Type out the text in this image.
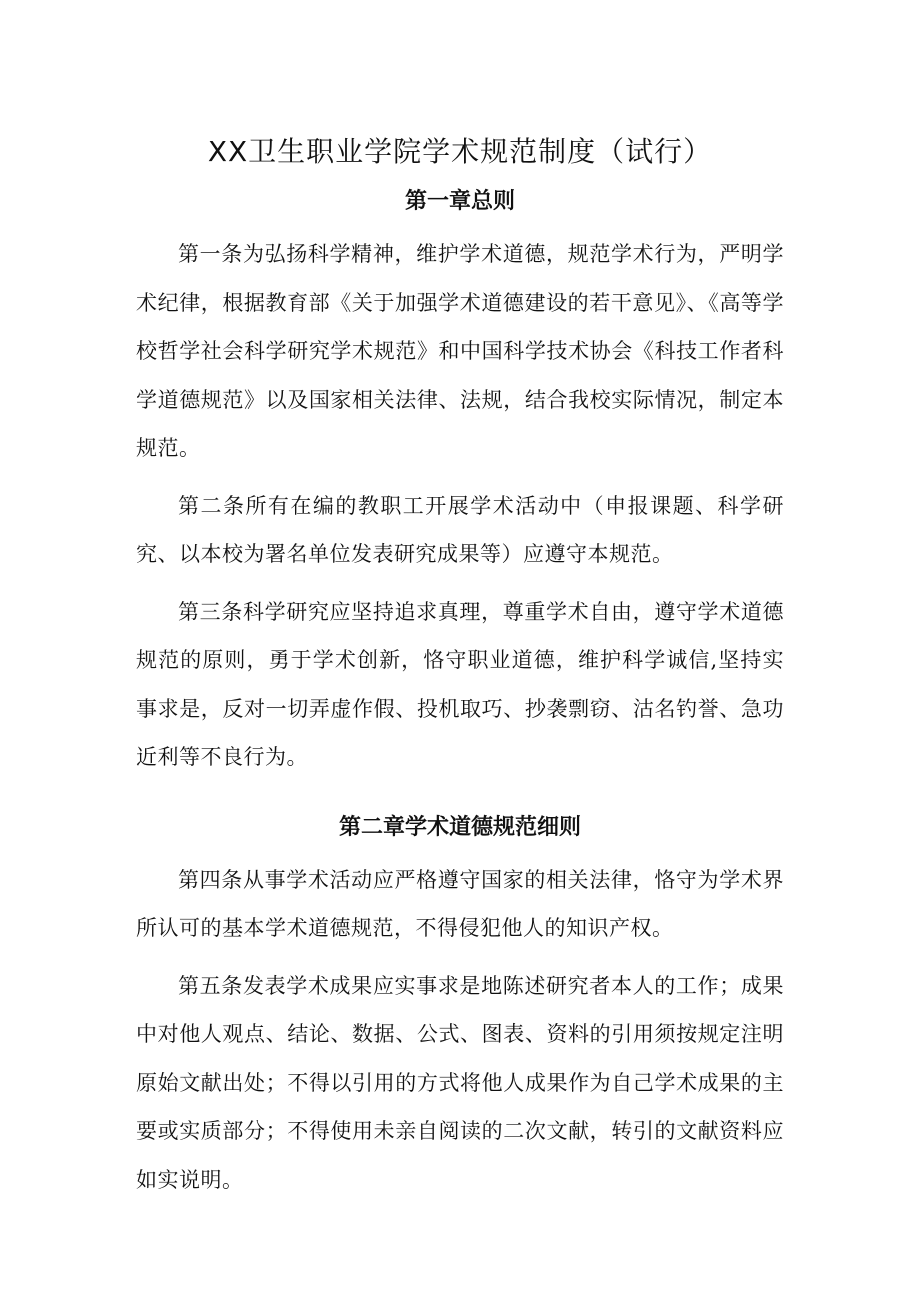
XX卫生职业学院学术规范制度（试行）
第一章总则

第一条为弘扬科学精神，维护学术道德，规范学术行为，严明学术纪律，根据教育部《关于加强学术道德建设的若干意见》、《高等学校哲学社会科学研究学术规范》和中国科学技术协会《科技工作者科学道德规范》以及国家相关法律、法规，结合我校实际情况，制定本规范。

第二条所有在编的教职工开展学术活动中（申报课题、科学研究、以本校为署名单位发表研究成果等）应遵守本规范。

第三条科学研究应坚持追求真理，尊重学术自由，遵守学术道德规范的原则，勇于学术创新，恪守职业道德，维护科学诚信,坚持实事求是，反对一切弄虚作假、投机取巧、抄袭剽窃、沽名钓誉、急功近利等不良行为。

第二章学术道德规范细则

第四条从事学术活动应严格遵守国家的相关法律，恪守为学术界所认可的基本学术道德规范，不得侵犯他人的知识产权。

第五条发表学术成果应实事求是地陈述研究者本人的工作；成果中对他人观点、结论、数据、公式、图表、资料的引用须按规定注明原始文献出处；不得以引用的方式将他人成果作为自己学术成果的主要或实质部分；不得使用未亲自阅读的二次文献，转引的文献资料应如实说明。
